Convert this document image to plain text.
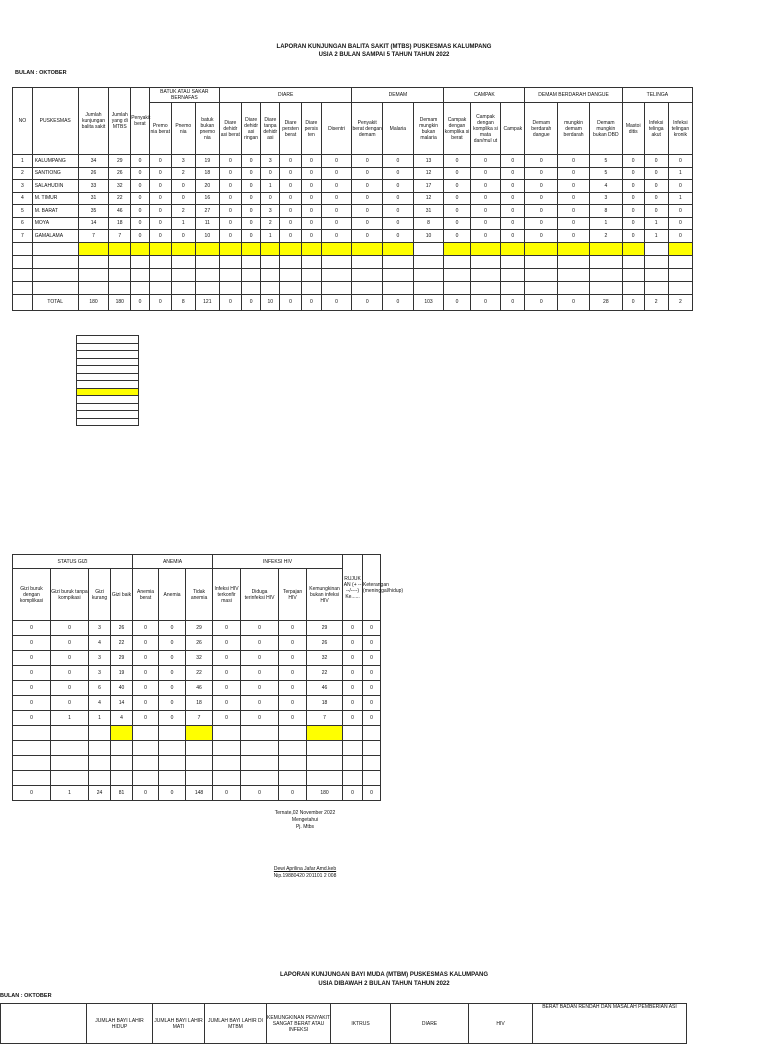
LAPORAN KUNJUNGAN BALITA SAKIT (MTBS) PUSKESMAS KALUMPANG
USIA 2 BULAN SAMPAI 5 TAHUN TAHUN 2022
BULAN : OKTOBER
NO	PUSKESMAS	Jumlah kunjungan balita sakit	Jumlah yang di MTBS	Penyakit berat	BATUK ATAU SAKAR BERNAFAS			DIARE						DEMAM			CAMPAK			DEMAM BERDARAH DANGUE			TELINGA		
					Premo nia berat	Pnemo nia	batuk bukan pnemo nia	Diare dehidr asi berat	Diare dehidr asi ringan	Diare tanpa dehidr asi	Diare persten berat	Diare persis ten	Disentri	Penyakit berat dengan demam	Malaria	Demam mungkin bukan malaria	Campak dengan komplika si berat	Campak dengan komplika si mata dan/mul ut	Campak	Demam berdarah dangue	mungkin demam berdarah	Demam mungkin bukan DBD	Mastoi ditis	Infeksi telinga akut	Infeksi telingan kronik
1	KALUMPANG	34	29	0	0	3	19	0	0	3	0	0	0	0	0	13	0	0	0	0	0	5	0	0	0
2	SANTIONG	26	26	0	0	2	18	0	0	0	0	0	0	0	0	12	0	0	0	0	0	5	0	0	1
3	SALAHUDIN	33	32	0	0	0	20	0	0	1	0	0	0	0	0	17	0	0	0	0	0	4	0	0	0
4	M. TIMUR	31	22	0	0	0	16	0	0	0	0	0	0	0	0	12	0	0	0	0	0	3	0	0	1
5	M. BARAT	35	46	0	0	2	27	0	0	3	0	0	0	0	0	31	0	0	0	0	0	8	0	0	0
6	MOYA	14	18	0	0	1	11	0	0	2	0	0	0	0	0	8	0	0	0	0	0	1	0	1	0
7	GAMALAMA	7	7	0	0	0	10	0	0	1	0	0	0	0	0	10	0	0	0	0	0	2	0	1	0

	TOTAL	180	180	0	0	8	121	0	0	10	0	0	0	0	0	103	0	0	0	0	0	28	0	2	2

STATUS GIZI				ANEMIA			INFEKSI HIV				RUJUK AN (+ ----/----) Ke......	Keterangan (meninggal/hidup)
Gizi buruk dengan komplikasi	Gizi buruk tanpa kompikasi	Gizi kurang	Gizi baik	Anemia berat	Anemia	Tidak anemia	Infeksi HIV terkonfir masi	Diduga terinfeksi HIV	Terpajan HIV	Kemungkinan bukan infeksi HIV		
0	0	3	26	0	0	29	0	0	0	29	0	0
0	0	4	22	0	0	26	0	0	0	26	0	0
0	0	3	29	0	0	32	0	0	0	32	0	0
0	0	3	19	0	0	22	0	0	0	22	0	0
0	0	6	40	0	0	46	0	0	0	46	0	0
0	0	4	14	0	0	18	0	0	0	18	0	0
0	1	1	4	0	0	7	0	0	0	7	0	0

0	1	24	81	0	0	148	0	0	0	180	0	0
Ternate,02 November 2022
Mengetahui
Pj. Mtbs
Dewi Aprilina Jafar Amd.keb
Nip.19880420 201101 2 008
LAPORAN KUNJUNGAN BAYI MUDA (MTBM) PUSKESMAS KALUMPANG
USIA DIBAWAH 2 BULAN TAHUN TAHUN 2022
BULAN : OKTOBER
	JUMLAH BAYI LAHIR HIDUP	JUMLAH BAYI LAHIR MATI	JUMLAH BAYI LAHIR DI MTBM	KEMUNGKINAN PENYAKIT SANGAT BERAT ATAU INFEKSI	IKTRUS	DIARE	HIV	BERAT BADAN RENDAH DAN MASALAH PEMBERIAN ASI
